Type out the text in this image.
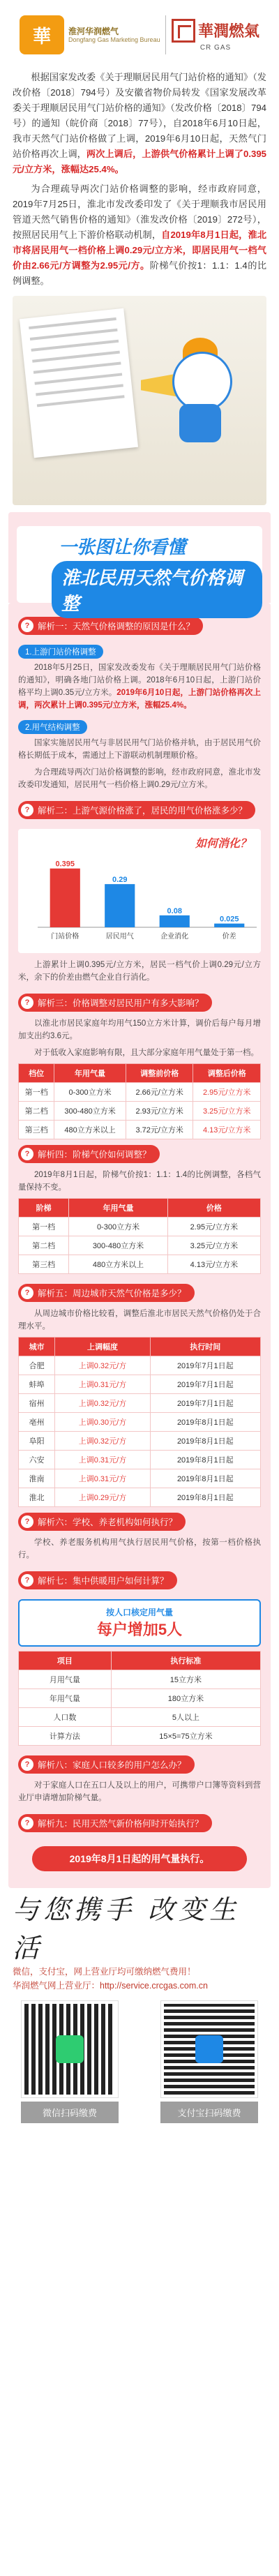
華	淮河华润燃气
Dongfang Gas Marketing Bureau 華潤燃氣
CR GAS

根据国家发改委《关于理顺居民用气门站价格的通知》（发改价格〔2018〕794号）及安徽省物价局转发《国家发展改革委关于理顺居民用气门站价格的通知》（发改价格〔2018〕794号）的通知（皖价商〔2018〕77号），自2018年6月10日起，我市天然气门站价格做了上调，2019年6月10日起，天然气门站价格再次上调，两次上调后，上游供气价格累计上调了0.395元/立方米，涨幅达25.4%。

为合理疏导两次门站价格调整的影响，经市政府同意，2019年7月25日，淮北市发改委印发了《关于理顺我市居民用管道天然气销售价格的通知》（淮发改价格〔2019〕272号），按照居民用气上下游价格联动机制，自2019年8月1日起，淮北市将居民用气一档价格上调0.29元/立方米，即居民用气一档气价由2.66元/方调整为2.95元/方。阶梯气价按1：1.1：1.4的比例调整。

一张图让你看懂
淮北民用天然气价格调整
? 解析一：天然气价格调整的原因是什么？
1.上游门站价格调整

2018年5月25日，国家发改委发布《关于理顺居民用气门站价格的通知》，明确各地门站价格上调。2018年6月10日起，上游门站价格平均上调0.35元/立方米。2019年6月10日起，上游门站价格再次上调，两次累计上调0.395元/立方米，涨幅25.4%。

2.用气结构调整

国家实施居民用气与非居民用气门站价格并轨，由于居民用气价格长期低于成本，需通过上下游联动机制理顺价格。

为合理疏导两次门站价格调整的影响，经市政府同意，淮北市发改委印发通知，居民用气一档价格上调0.29元/立方米。

? 解析二：上游气源价格涨了，居民的用气价格涨多少？
如何消化？
0.395
门站价格
0.29
居民用气
0.08
企业消化
0.025
价差

上游累计上调0.395元/立方米，居民一档气价上调0.29元/立方米，余下的价差由燃气企业自行消化。

? 解析三：价格调整对居民用户有多大影响？

以淮北市居民家庭年均用气150立方米计算，调价后每户每月增加支出约3.6元。

对于低收入家庭影响有限，且大部分家庭年用气量处于第一档。

档位	年用气量	调整前价格	调整后价格
第一档	0-300立方米	2.66元/立方米	2.95元/立方米
第二档	300-480立方米	2.93元/立方米	3.25元/立方米
第三档	480立方米以上	3.72元/立方米	4.13元/立方米
? 解析四：阶梯气价如何调整？

2019年8月1日起，阶梯气价按1：1.1：1.4的比例调整，各档气量保持不变。

阶梯	年用气量	价格
第一档	0-300立方米	2.95元/立方米
第二档	300-480立方米	3.25元/立方米
第三档	480立方米以上	4.13元/立方米
? 解析五：周边城市天然气价格是多少？

从周边城市价格比较看，调整后淮北市居民天然气价格仍处于合理水平。

城市	上调幅度	执行时间
合肥	上调0.32元/方	2019年7月1日起
蚌埠	上调0.31元/方	2019年7月1日起
宿州	上调0.32元/方	2019年7月1日起
亳州	上调0.30元/方	2019年8月1日起
阜阳	上调0.32元/方	2019年8月1日起
六安	上调0.31元/方	2019年8月1日起
淮南	上调0.31元/方	2019年8月1日起
淮北	上调0.29元/方	2019年8月1日起
? 解析六：学校、养老机构如何执行？

学校、养老服务机构用气执行居民用气价格，按第一档价格执行。

? 解析七：集中供暖用户如何计算？
按人口核定用气量
每户增加5人
项目	执行标准
月用气量	15立方米
年用气量	180立方米
人口数	5人以上
计算方法	15×5=75立方米
? 解析八：家庭人口较多的用户怎么办？

对于家庭人口在五口人及以上的用户，可携带户口簿等资料到营业厅申请增加阶梯气量。

? 解析九：民用天然气新价格何时开始执行？
2019年8月1日起的用气量执行。
与您携手 改变生活
微信，支付宝，网上营业厅均可缴纳燃气费用！
华润燃气网上营业厅：http://service.crcgas.com.cn
微信扫码缴费	支付宝扫码缴费
